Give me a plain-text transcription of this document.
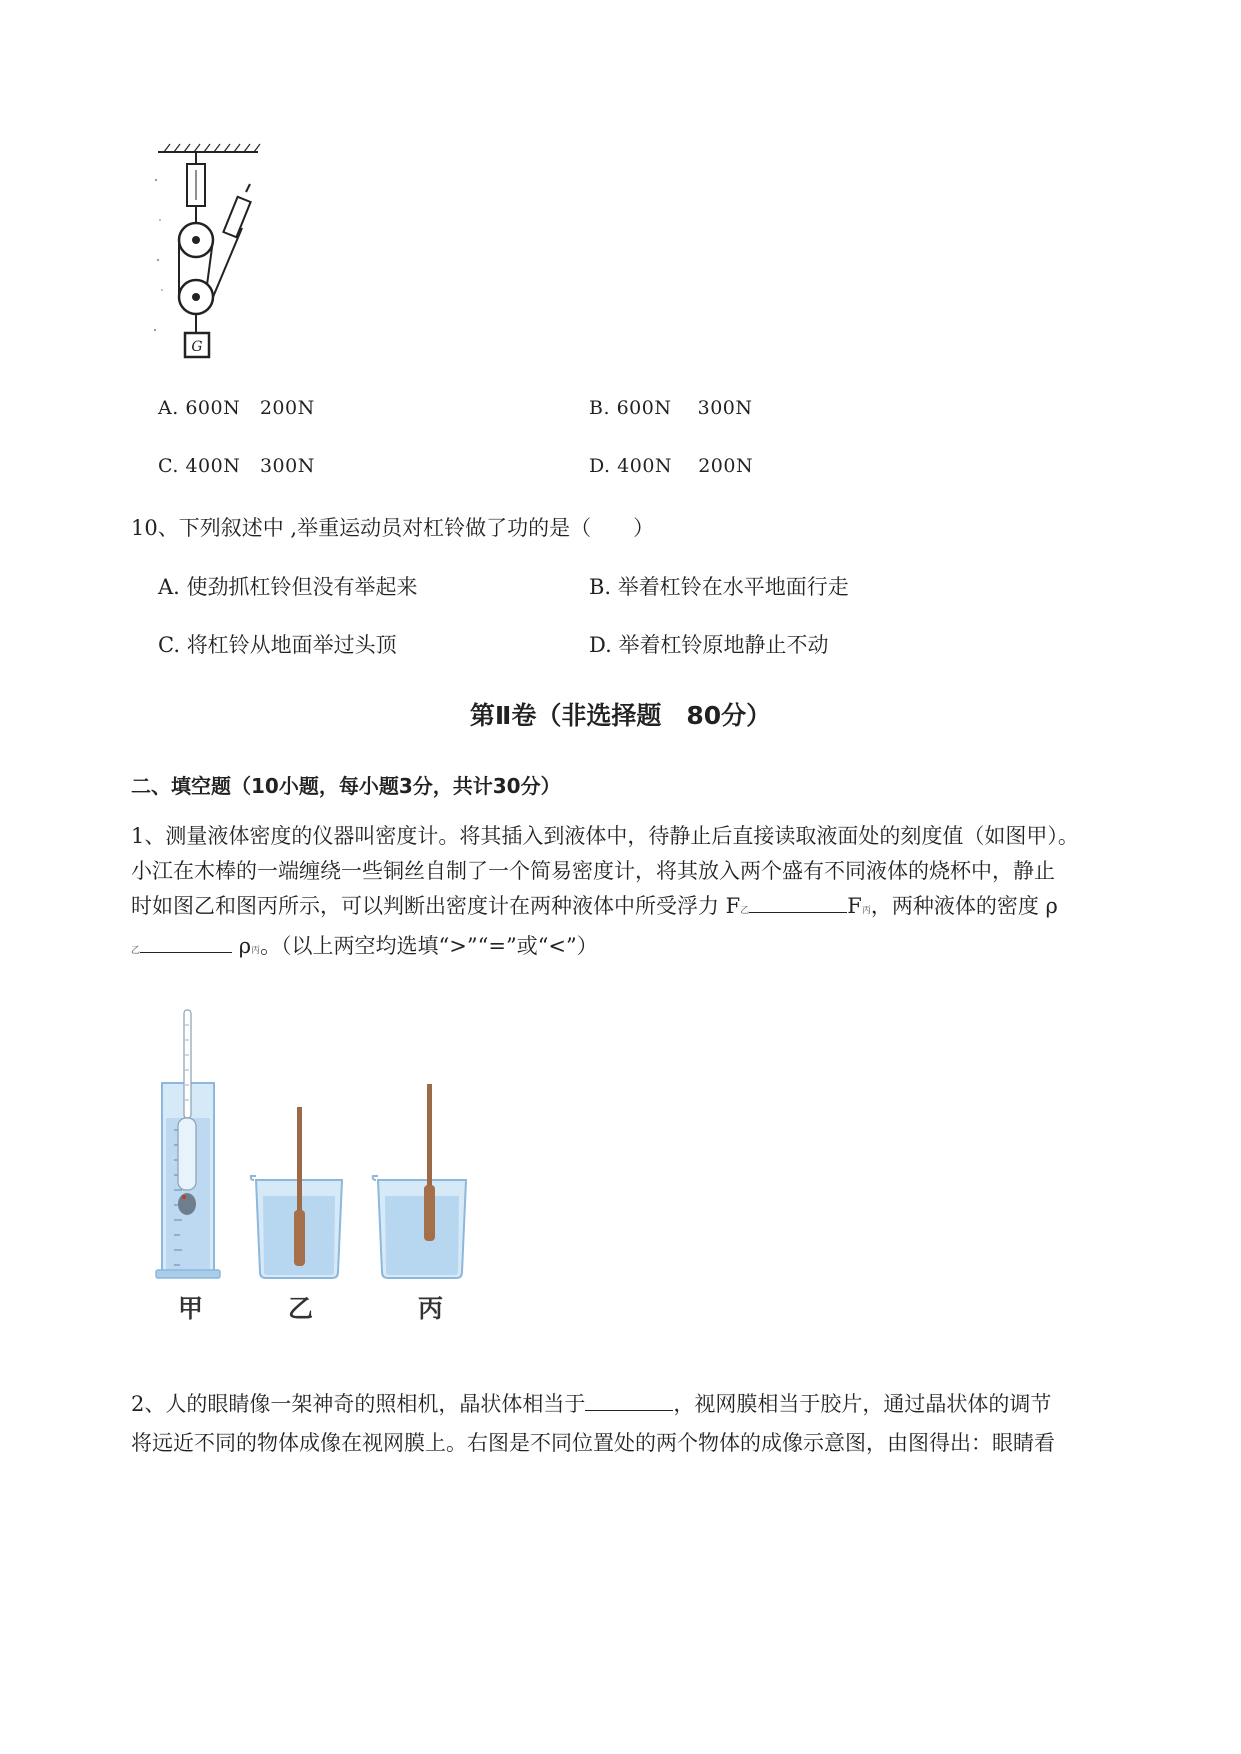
G
A. 600N   200N	B. 600N    300N
C. 400N   300N	D. 400N    200N
10、下列叙述中 ,举重运动员对杠铃做了功的是（　　）
A. 使劲抓杠铃但没有举起来	B. 举着杠铃在水平地面行走
C. 将杠铃从地面举过头顶	D. 举着杠铃原地静止不动
第Ⅱ卷（非选择题　80分）
二、填空题（10小题，每小题3分，共计30分）
1、测量液体密度的仪器叫密度计。将其插入到液体中，待静止后直接读取液面处的刻度值（如图甲）。
小江在木棒的一端缠绕一些铜丝自制了一个简易密度计，将其放入两个盛有不同液体的烧杯中，静止
时如图乙和图丙所示，可以判断出密度计在两种液体中所受浮力 F乙	F丙，两种液体的密度 ρ
乙	ρ丙。（以上两空均选填“>”“=”或“<”）
甲	乙	丙
2、人的眼睛像一架神奇的照相机，晶状体相当于	，视网膜相当于胶片，通过晶状体的调节
将远近不同的物体成像在视网膜上。右图是不同位置处的两个物体的成像示意图，由图得出：眼睛看
